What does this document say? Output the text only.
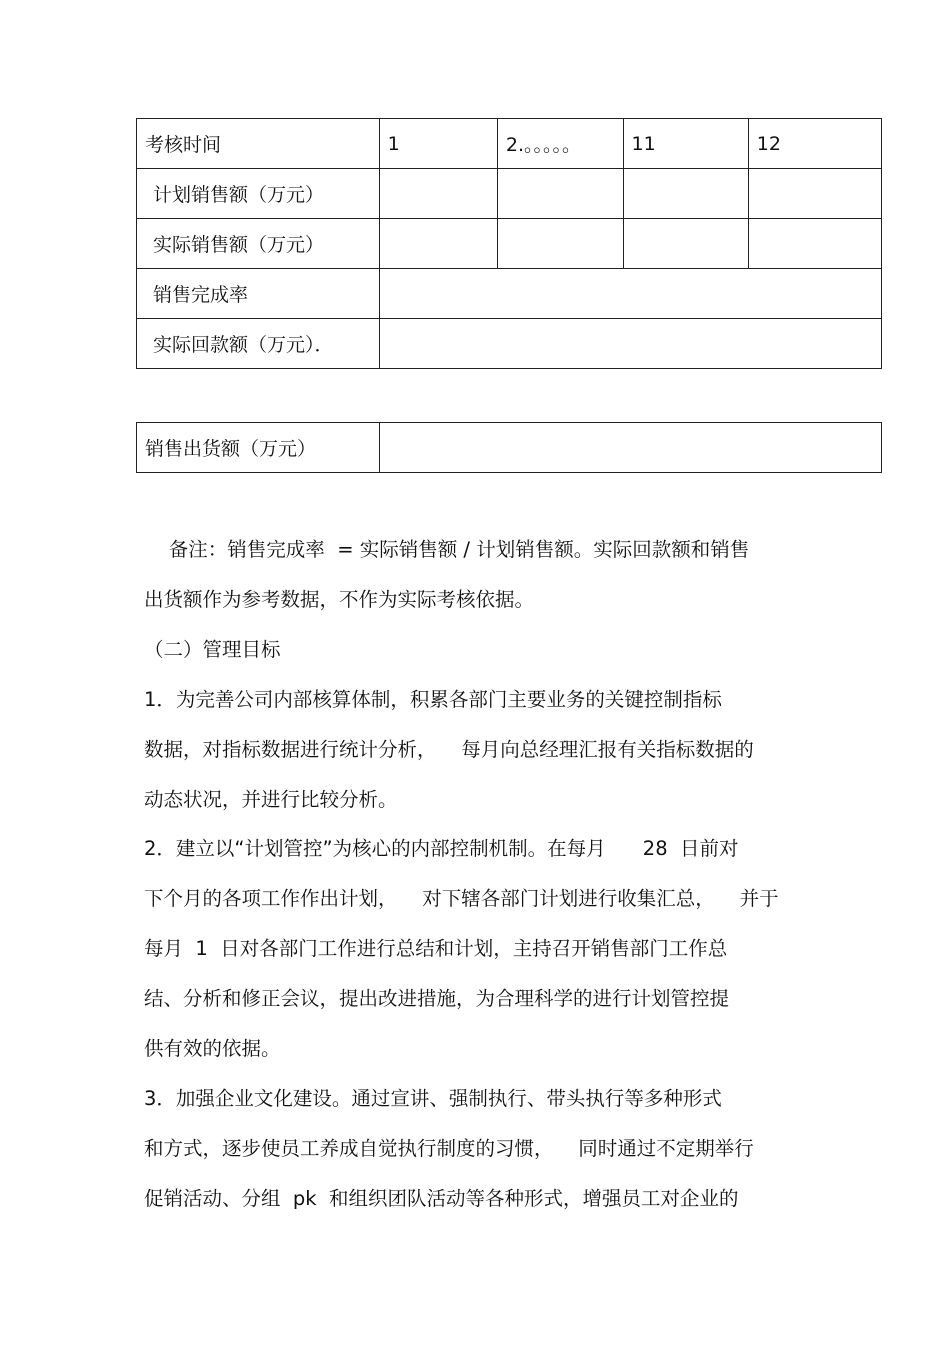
考核时间	1	2.。。。。。	11	12
计划销售额（万元）				
实际销售额（万元）				
销售完成率				
实际回款额（万元）．				
销售出货额（万元）	
备注：销售完成率  = 实际销售额 / 计划销售额。实际回款额和销售
出货额作为参考数据，不作为实际考核依据。
（二）管理目标
1．为完善公司内部核算体制，积累各部门主要业务的关键控制指标
数据，对指标数据进行统计分析，    每月向总经理汇报有关指标数据的
动态状况，并进行比较分析。
2．建立以“计划管控”为核心的内部控制机制。在每月      28  日前对
下个月的各项工作作出计划，    对下辖各部门计划进行收集汇总，    并于
每月  1  日对各部门工作进行总结和计划，主持召开销售部门工作总
结、分析和修正会议，提出改进措施，为合理科学的进行计划管控提
供有效的依据。
3．加强企业文化建设。通过宣讲、强制执行、带头执行等多种形式
和方式，逐步使员工养成自觉执行制度的习惯，    同时通过不定期举行
促销活动、分组  pk  和组织团队活动等各种形式，增强员工对企业的
